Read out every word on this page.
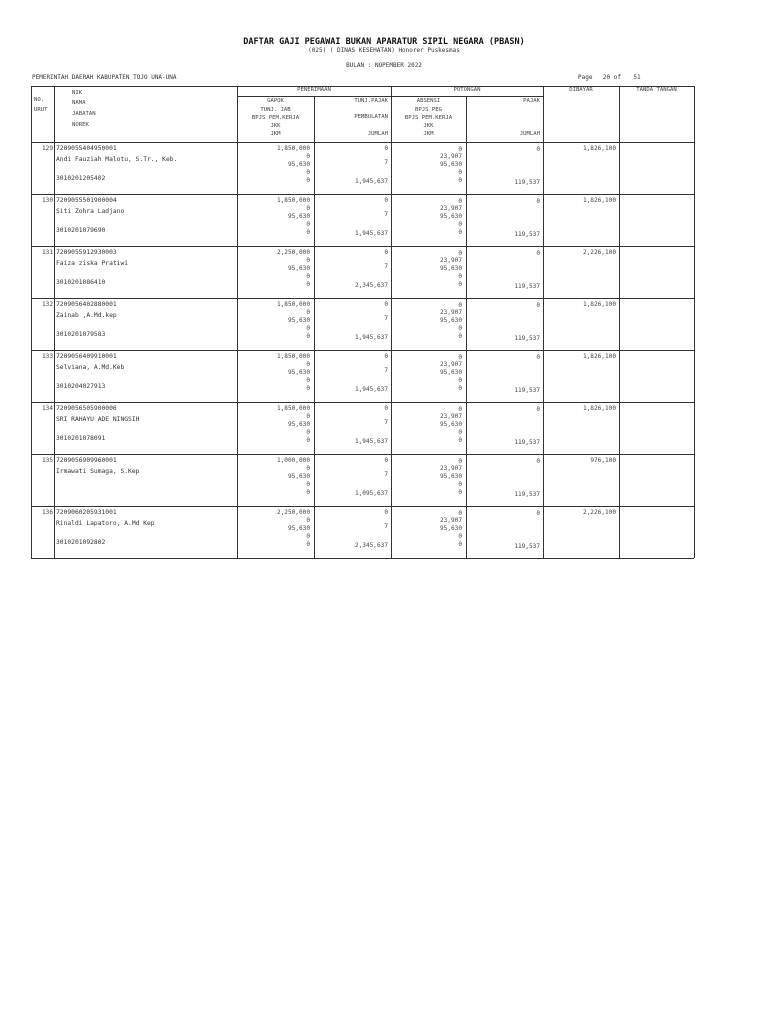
DAFTAR GAJI PEGAWAI BUKAN APARATUR SIPIL NEGARA (PBASN)
(025) ( DINAS KESEHATAN) Honorer Puskesmas
BULAN : NOPEMBER 2022
PEMERINTAH DAERAH KABUPATEN TOJO UNA-UNA	Page 20 of 51
NO.
URUT
NIK
NAMA
JABATAN
NOREK
PENERIMAAN
GAPOK
TUNJ. JAB
BPJS PEM.KERJA
JKK
JKM
TUNJ.PAJAK
PEMBULATAN
JUMLAH
POTONGAN
ABSENSI
BPJS PEG
BPJS PEM.KERJA
JKK
JKM
PAJAK
JUMLAH
DIBAYAR	TANDA TANGAN
129 7209055404950001
Andi Fauziah Malotu, S.Tr., Keb.
3010201205402
1,850,000
0
95,630
0
0
0
7
1,945,637
0
23,907
95,630
0
0
0
119,537
1,826,100
130 7209055501900004
Siti Zohra Ladjano
3010201079690
1,850,000
0
95,630
0
0
0
7
1,945,637
0
23,907
95,630
0
0
0
119,537
1,826,100
131 7209055912930003
Faiza ziska Pratiwi
3010201086410
2,250,000
0
95,630
0
0
0
7
2,345,637
0
23,907
95,630
0
0
0
119,537
2,226,100
132 7209056402880001
Zainab ,A.Md.kep
3010201079583
1,850,000
0
95,630
0
0
0
7
1,945,637
0
23,907
95,630
0
0
0
119,537
1,826,100
133 7209056409910001
Selviana, A.Md.Keb
3010204027913
1,850,000
0
95,630
0
0
0
7
1,945,637
0
23,907
95,630
0
0
0
119,537
1,826,100
134 7209056505900006
SRI RAHAYU ADE NINGSIH
3010201078091
1,850,000
0
95,630
0
0
0
7
1,945,637
0
23,907
95,630
0
0
0
119,537
1,826,100
135 7209056909960001
Irmawati Sumaga, S.Kep
1,000,000
0
95,630
0
0
0
7
1,095,637
0
23,907
95,630
0
0
0
119,537
976,100
136 7209060205931001
Rinaldi Lapatoro, A.Md Kep
3010201092802
2,250,000
0
95,630
0
0
0
7
2,345,637
0
23,907
95,630
0
0
0
119,537
2,226,100
